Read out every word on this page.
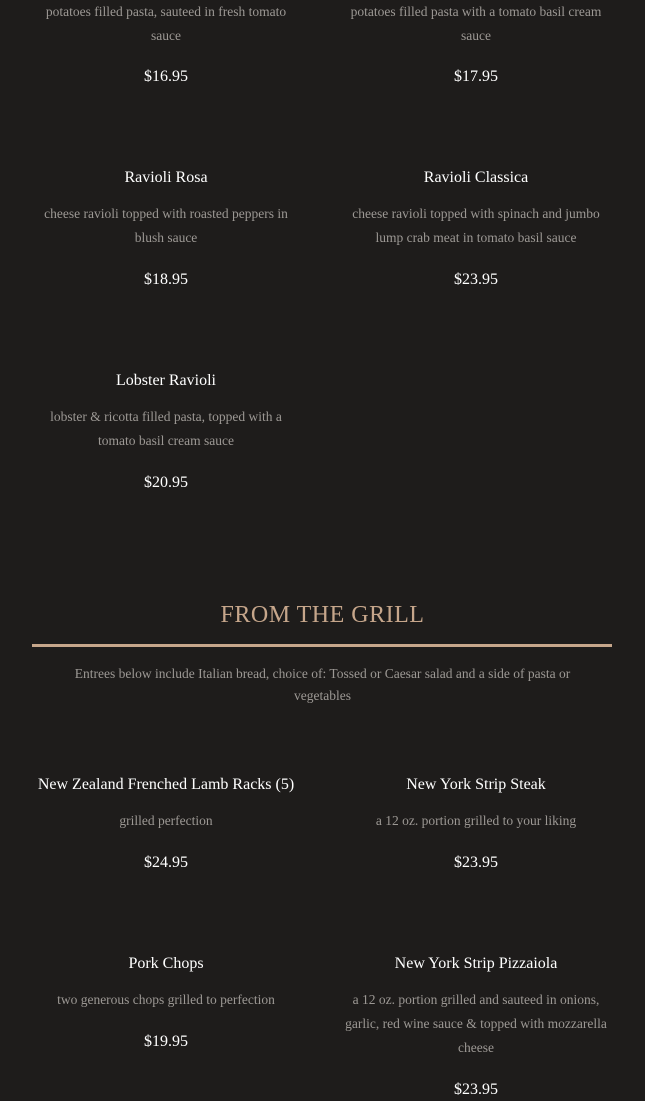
potatoes filled pasta, sauteed in fresh tomato sauce

$16.95

potatoes filled pasta with a tomato basil cream sauce

$17.95

Ravioli Rosa

cheese ravioli topped with roasted peppers in blush sauce

$18.95

Ravioli Classica

cheese ravioli topped with spinach and jumbo lump crab meat in tomato basil sauce

$23.95

Lobster Ravioli

lobster & ricotta filled pasta, topped with a tomato basil cream sauce

$20.95
FROM THE GRILL
Entrees below include Italian bread, choice of: Tossed or Caesar salad and a side of pasta or vegetables

New Zealand Frenched Lamb Racks (5)

grilled perfection

$24.95

New York Strip Steak

a 12 oz. portion grilled to your liking

$23.95

Pork Chops

two generous chops grilled to perfection

$19.95

New York Strip Pizzaiola

a 12 oz. portion grilled and sauteed in onions, garlic, red wine sauce & topped with mozzarella cheese

$23.95
